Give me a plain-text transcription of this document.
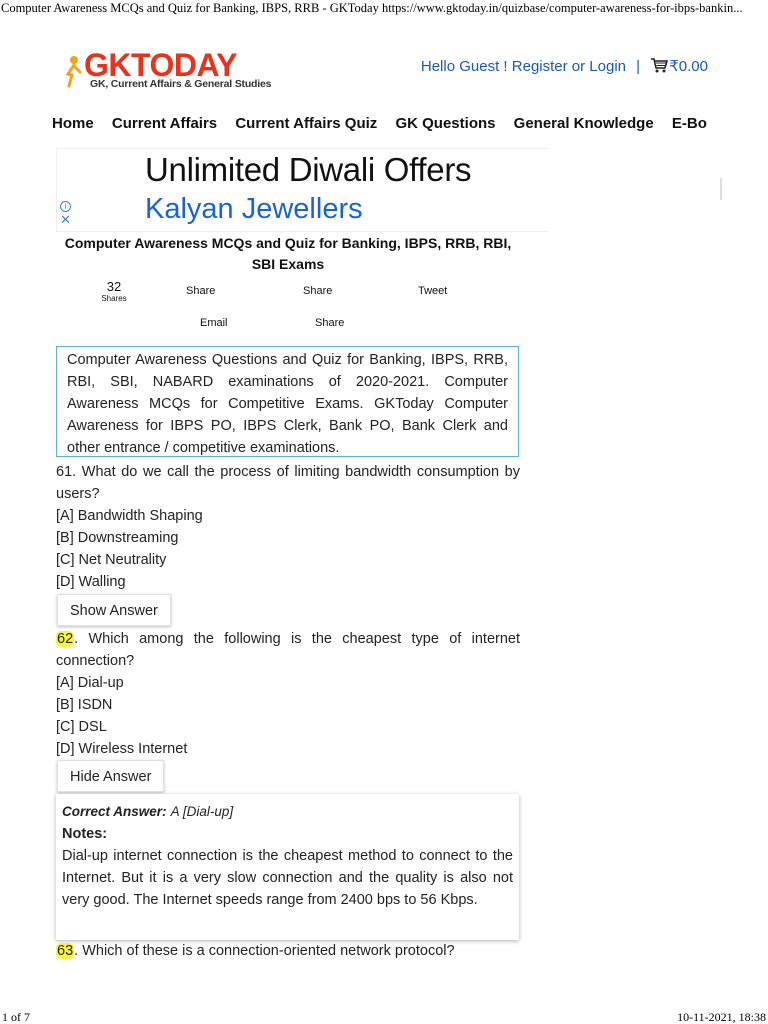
Computer Awareness MCQs and Quiz for Banking, IBPS, RRB - GKToday https://www.gktoday.in/quizbase/computer-awareness-for-ibps-bankin...
GKTODAY
GK, Current Affairs & General Studies
Hello Guest ! Register or Login | ₹0.00
Home Current Affairs Current Affairs Quiz GK Questions General Knowledge E-Bo
Unlimited Diwali Offers
Kalyan Jewellers
i
✕
Computer Awareness MCQs and Quiz for Banking, IBPS, RRB, RBI, SBI Exams
32
Shares
Share	Share	Tweet
Email	Share
Computer Awareness Questions and Quiz for Banking, IBPS, RRB, RBI, SBI, NABARD examinations of 2020-2021. Computer Awareness MCQs for Competitive Exams. GKToday Computer Awareness for IBPS PO, IBPS Clerk, Bank PO, Bank Clerk and other entrance / competitive examinations.

61. What do we call the process of limiting bandwidth consumption by users?

[A] Bandwidth Shaping
[B] Downstreaming
[C] Net Neutrality
[D] Walling
Show Answer

62. Which among the following is the cheapest type of internet connection?

[A] Dial-up
[B] ISDN
[C] DSL
[D] Wireless Internet
Hide Answer
Correct Answer: A [Dial-up]
Notes:
Dial-up internet connection is the cheapest method to connect to the Internet. But it is a very slow connection and the quality is also not very good. The Internet speeds range from 2400 bps to 56 Kbps.

63. Which of these is a connection-oriented network protocol?

1 of 7	10-11-2021, 18:38
